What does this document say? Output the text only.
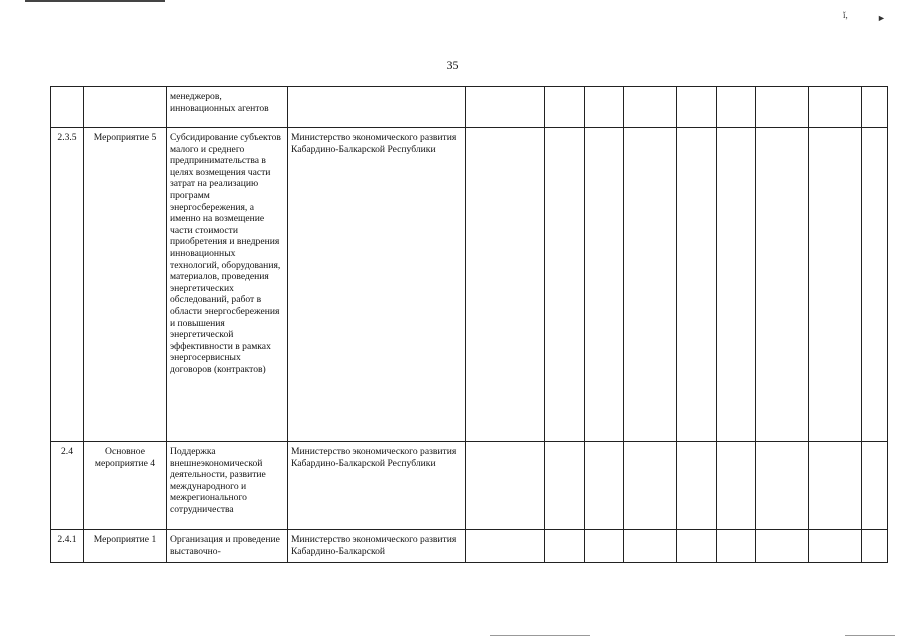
ĭ,	►
35
		менеджеров, инновационных агентов										
2.3.5	Мероприятие 5	Субсидирование субъектов малого и среднего предпринимательства в целях возмещения части затрат на реализацию программ энергосбережения, а именно на возмещение части стоимости приобретения и внедрения инновационных технологий, оборудования, материалов, проведения энергетических обследований, работ в области энергосбережения и повышения энергетической эффективности в рамках энергосервисных договоров (контрактов)	Министерство экономического развития Кабардино-Балкарской Республики									
2.4	Основное мероприятие 4	Поддержка внешнеэкономической деятельности, развитие международного и межрегионального сотрудничества	Министерство экономического развития Кабардино-Балкарской Республики									
2.4.1	Мероприятие 1	Организация и проведение выставочно-	Министерство экономического развития Кабардино-Балкарской									
